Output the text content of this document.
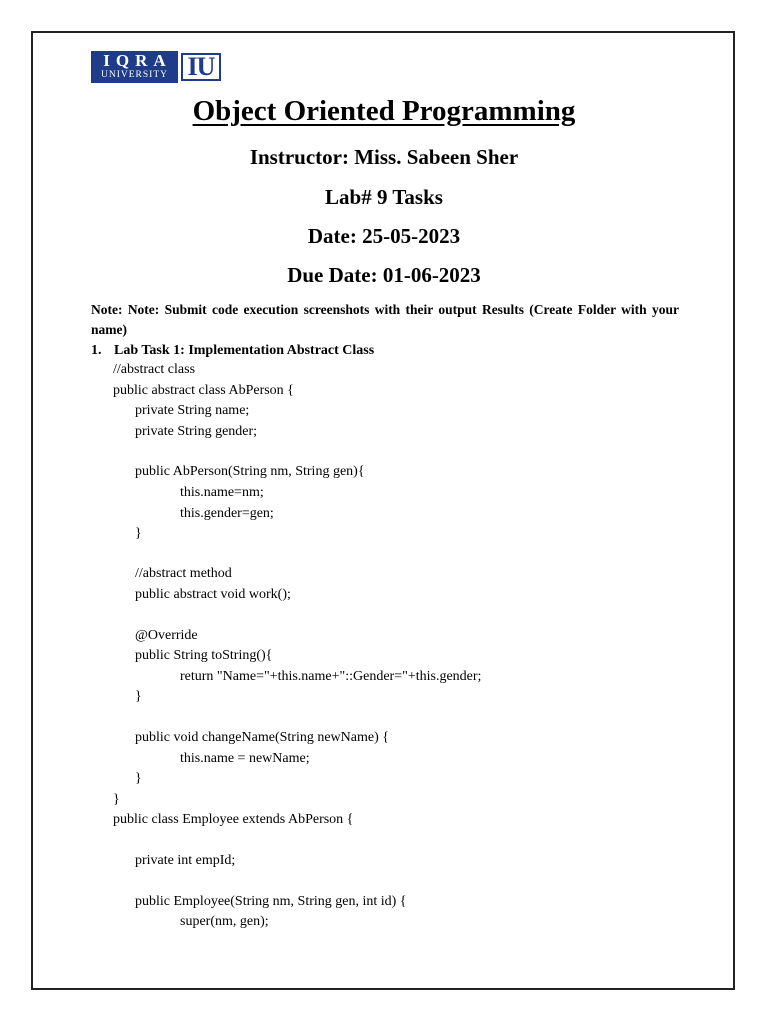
IQRA
UNIVERSITY IU
Object Oriented Programming
Instructor: Miss. Sabeen Sher
Lab# 9 Tasks
Date: 25-05-2023
Due Date: 01-06-2023
Note: Note: Submit code execution screenshots with their output Results (Create Folder with your name)
1. Lab Task 1: Implementation Abstract Class
//abstract class
public abstract class AbPerson {
private String name;
private String gender;
public AbPerson(String nm, String gen){
this.name=nm;
this.gender=gen;
}
//abstract method
public abstract void work();
@Override
public String toString(){
return "Name="+this.name+"::Gender="+this.gender;
}
public void changeName(String newName) {
this.name = newName;
}
}
public class Employee extends AbPerson {
private int empId;
public Employee(String nm, String gen, int id) {
super(nm, gen);
